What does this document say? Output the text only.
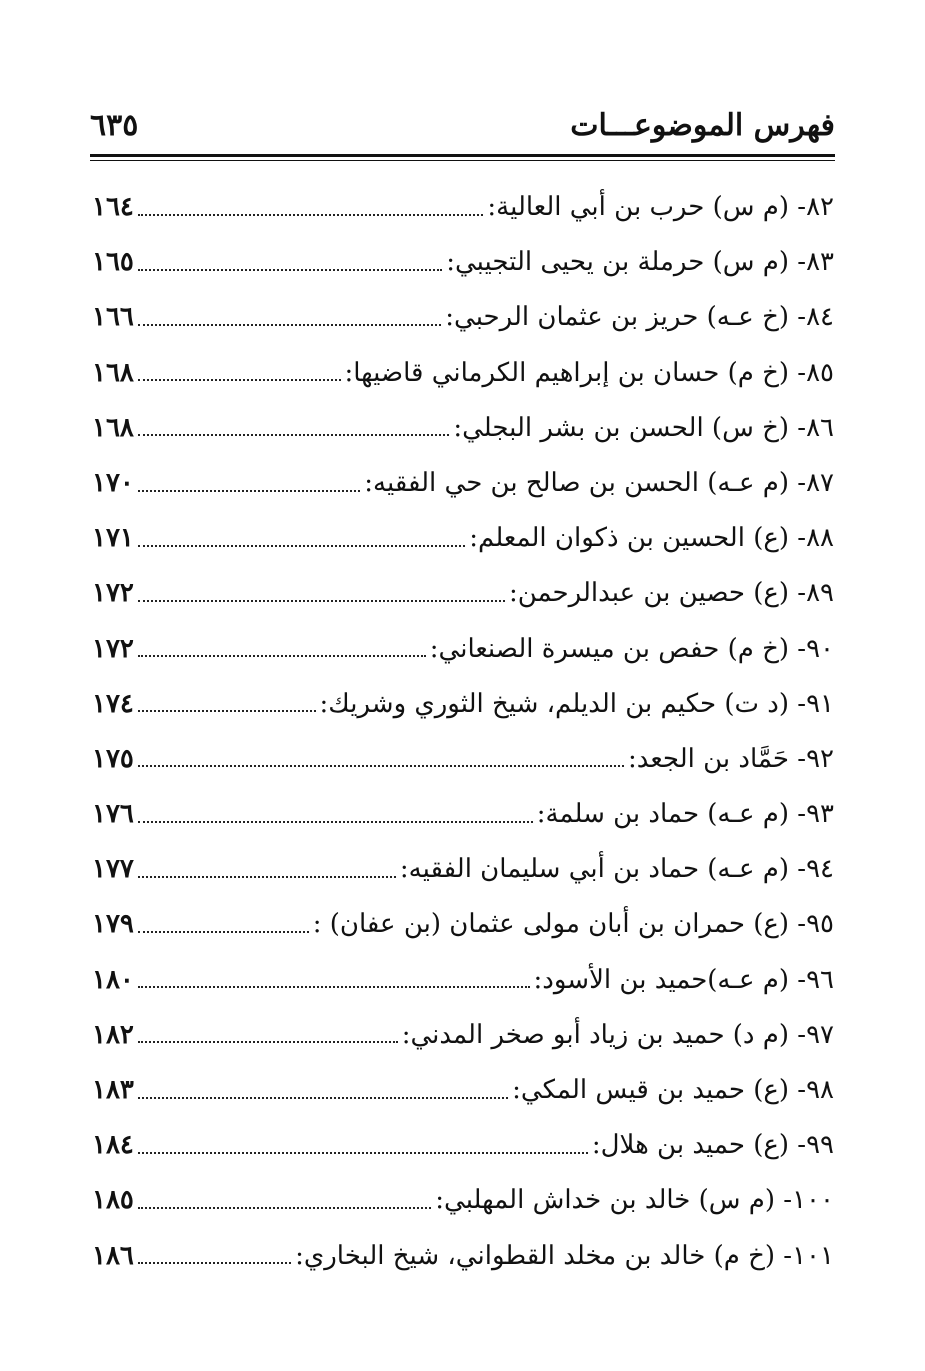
فهرس الموضوعـــات
٦٣٥
٨٢- (م س) حرب بن أبي العالية:
١٦٤
٨٣- (م س) حرملة بن يحيى التجيبي:
١٦٥
٨٤- (خ عـه) حريز بن عثمان الرحبي:
١٦٦
٨٥- (خ م) حسان بن إبراهيم الكرماني قاضيها:
١٦٨
٨٦- (خ س) الحسن بن بشر البجلي:
١٦٨
٨٧- (م عـه) الحسن بن صالح بن حي الفقيه:
١٧٠
٨٨- (ع) الحسين بن ذكوان المعلم:
١٧١
٨٩- (ع) حصين بن عبدالرحمن:
١٧٢
٩٠- (خ م) حفص بن ميسرة الصنعاني:
١٧٢
٩١- (د ت) حكيم بن الديلم، شيخ الثوري وشريك:
١٧٤
٩٢- حَمَّاد بن الجعد:
١٧٥
٩٣- (م عـه) حماد بن سلمة:
١٧٦
٩٤- (م عـه) حماد بن أبي سليمان الفقيه:
١٧٧
٩٥- (ع) حمران بن أبان مولى عثمان (بن عفان) :
١٧٩
٩٦- (م عـه)حميد بن الأسود:
١٨٠
٩٧- (م د) حميد بن زياد أبو صخر المدني:
١٨٢
٩٨- (ع) حميد بن قيس المكي:
١٨٣
٩٩- (ع) حميد بن هلال:
١٨٤
١٠٠- (م س) خالد بن خداش المهلبي:
١٨٥
١٠١- (خ م) خالد بن مخلد القطواني، شيخ البخاري:
١٨٦
